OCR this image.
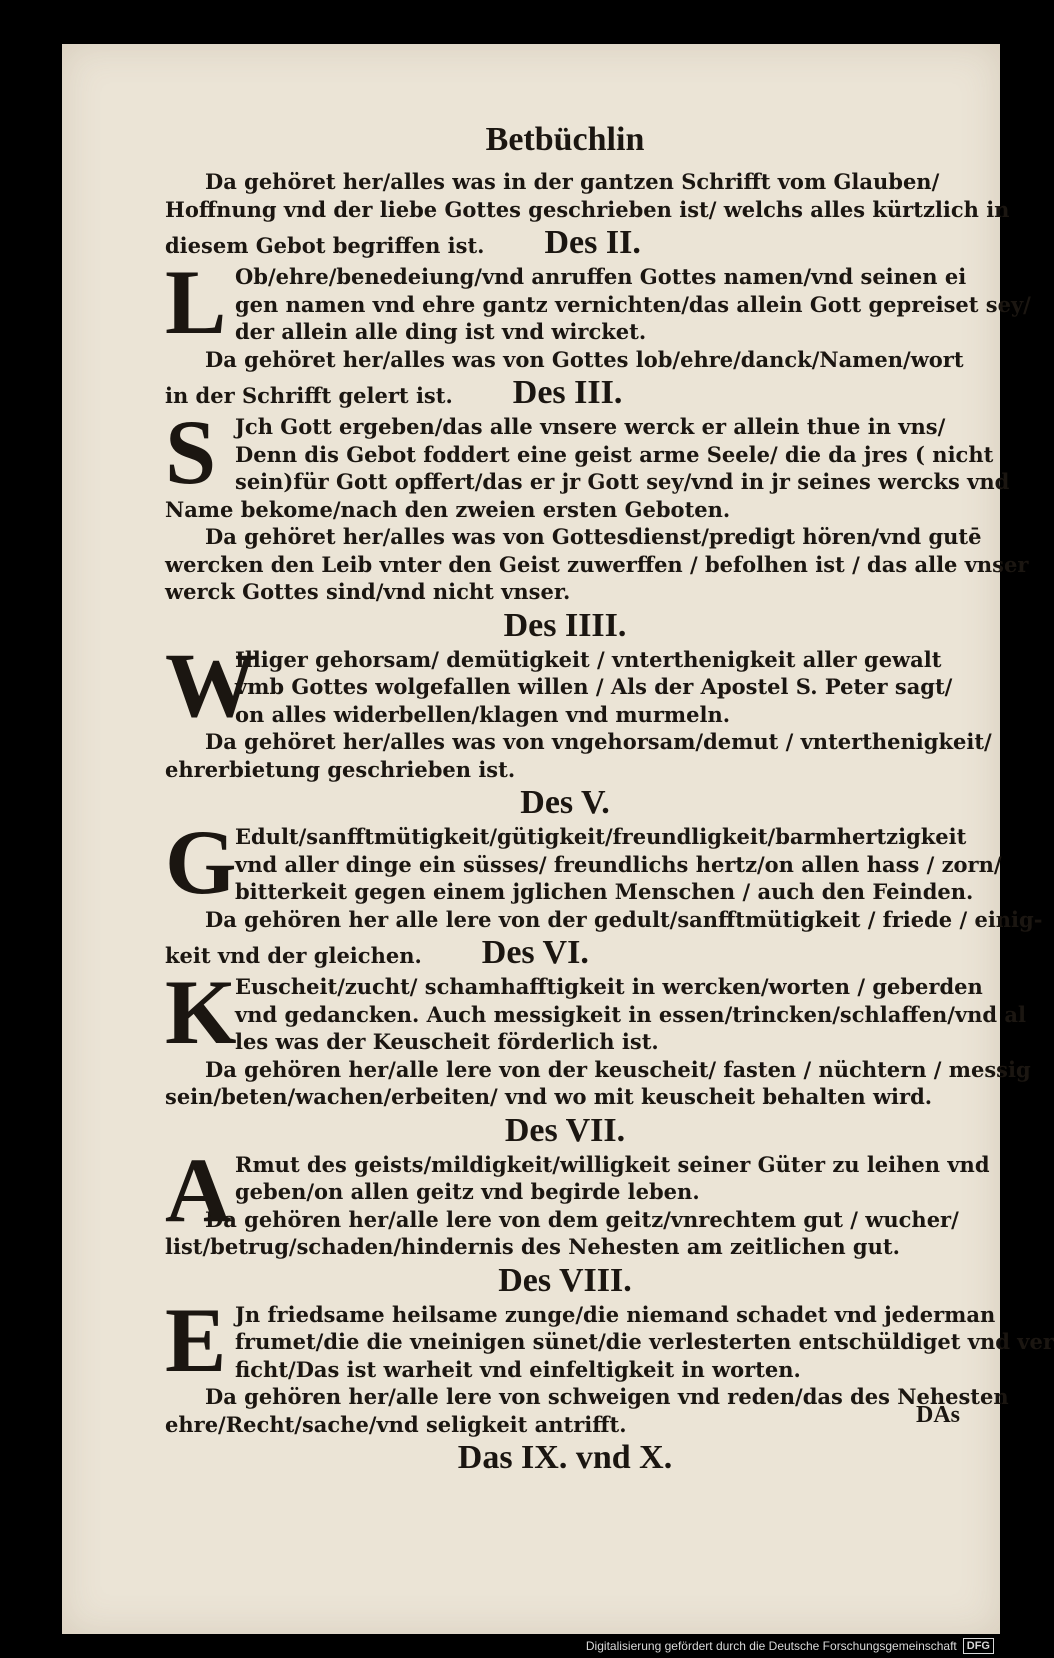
Betbüchlin
Da gehöret her/alles was in der gantzen Schrifft vom Glauben/
Hoffnung vnd der liebe Gottes geschrieben ist/ welchs alles kürtzlich in
diesem Gebot begriffen ist. Des II.
L Ob/ehre/benedeiung/vnd anruffen Gottes namen/vnd seinen ei
gen namen vnd ehre gantz vernichten/das allein Gott gepreiset sey/
der allein alle ding ist vnd wircket.
Da gehöret her/alles was von Gottes lob/ehre/danck/Namen/wort
in der Schrifft gelert ist. Des III.
S Jch Gott ergeben/das alle vnsere werck er allein thue in vns/
Denn dis Gebot foddert eine geist arme Seele/ die da jres ( nicht
sein)für Gott opffert/das er jr Gott sey/vnd in jr seines wercks vnd
Name bekome/nach den zweien ersten Geboten.
Da gehöret her/alles was von Gottesdienst/predigt hören/vnd gutē
wercken den Leib vnter den Geist zuwerffen / befolhen ist / das alle vnser
werck Gottes sind/vnd nicht vnser.
Des IIII.
W
Illiger gehorsam/ demütigkeit / vnterthenigkeit aller gewalt
vmb Gottes wolgefallen willen / Als der Apostel S. Peter sagt/
on alles widerbellen/klagen vnd murmeln.
Da gehöret her/alles was von vngehorsam/demut / vnterthenigkeit/
ehrerbietung geschrieben ist.
Des V.
G
Edult/sanfftmütigkeit/gütigkeit/freundligkeit/barmhertzigkeit
vnd aller dinge ein süsses/ freundlichs hertz/on allen hass / zorn/
bitterkeit gegen einem jglichen Menschen / auch den Feinden.
Da gehören her alle lere von der gedult/sanfftmütigkeit / friede / einig-
keit vnd der gleichen. Des VI.
K
Euscheit/zucht/ schamhafftigkeit in wercken/worten / geberden
vnd gedancken. Auch messigkeit in essen/trincken/schlaffen/vnd al
les was der Keuscheit förderlich ist.
Da gehören her/alle lere von der keuscheit/ fasten / nüchtern / messig
sein/beten/wachen/erbeiten/ vnd wo mit keuscheit behalten wird.
Des VII.
A Rmut des geists/mildigkeit/willigkeit seiner Güter zu leihen vnd
geben/on allen geitz vnd begirde leben.
Da gehören her/alle lere von dem geitz/vnrechtem gut / wucher/
list/betrug/schaden/hindernis des Nehesten am zeitlichen gut.
Des VIII.
E Jn friedsame heilsame zunge/die niemand schadet vnd jederman
frumet/die die vneinigen sünet/die verlesterten entschüldiget vnd ver
ficht/Das ist warheit vnd einfeltigkeit in worten.
Da gehören her/alle lere von schweigen vnd reden/das des Nehesten
ehre/Recht/sache/vnd seligkeit antrifft.
Das IX. vnd X.
DAs
Digitalisierung gefördert durch die Deutsche Forschungsgemeinschaft DFG
